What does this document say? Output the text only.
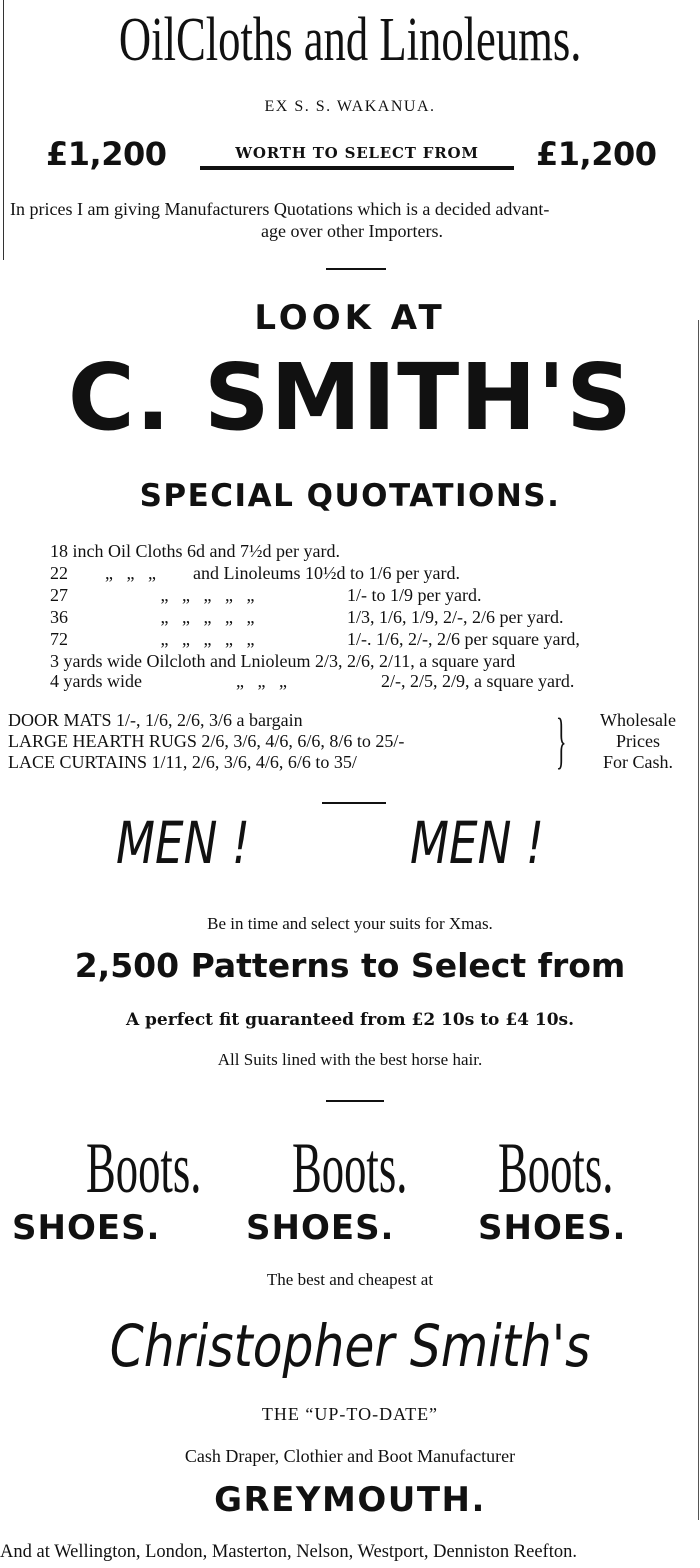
OilCloths and Linoleums.
EX S. S. WAKANUA.
£1,200	WORTH TO SELECT FROM	£1,200
In prices I am giving Manufacturers Quotations which is a decided advant-
age over other Importers.
LOOK AT
C. SMITH'S
SPECIAL QUOTATIONS.
18 inch Oil Cloths 6d and 7½d per yard.
22 „   „   „ and Linoleums 10½d to 1/6 per yard.
27	„   „   „   „   „	1/- to 1/9 per yard.
36	„   „   „   „   „	1/3, 1/6, 1/9, 2/-, 2/6 per yard.
72	„   „   „   „   „	1/-. 1/6, 2/-, 2/6 per square yard,
3 yards wide Oilcloth and Lnioleum 2/3, 2/6, 2/11, a square yard
4 yards wide	„   „   „	2/-, 2/5, 2/9, a square yard.
DOOR MATS 1/-, 1/6, 2/6, 3/6 a bargain
LARGE HEARTH RUGS 2/6, 3/6, 4/6, 6/6, 8/6 to 25/-
LACE CURTAINS 1/11, 2/6, 3/6, 4/6, 6/6 to 35/	}	Wholesale
Prices
For Cash.
MEN !	MEN !
Be in time and select your suits for Xmas.
2,500 Patterns to Select from
A perfect fit guaranteed from £2 10s to £4 10s.
All Suits lined with the best horse hair.
Boots.	Boots.	Boots.
SHOES.	SHOES. SHOES.
The best and cheapest at
Christopher Smith's
THE “UP-TO-DATE”
Cash Draper, Clothier and Boot Manufacturer
GREYMOUTH.
And at Wellington, London, Masterton, Nelson, Westport, Denniston Reefton.
